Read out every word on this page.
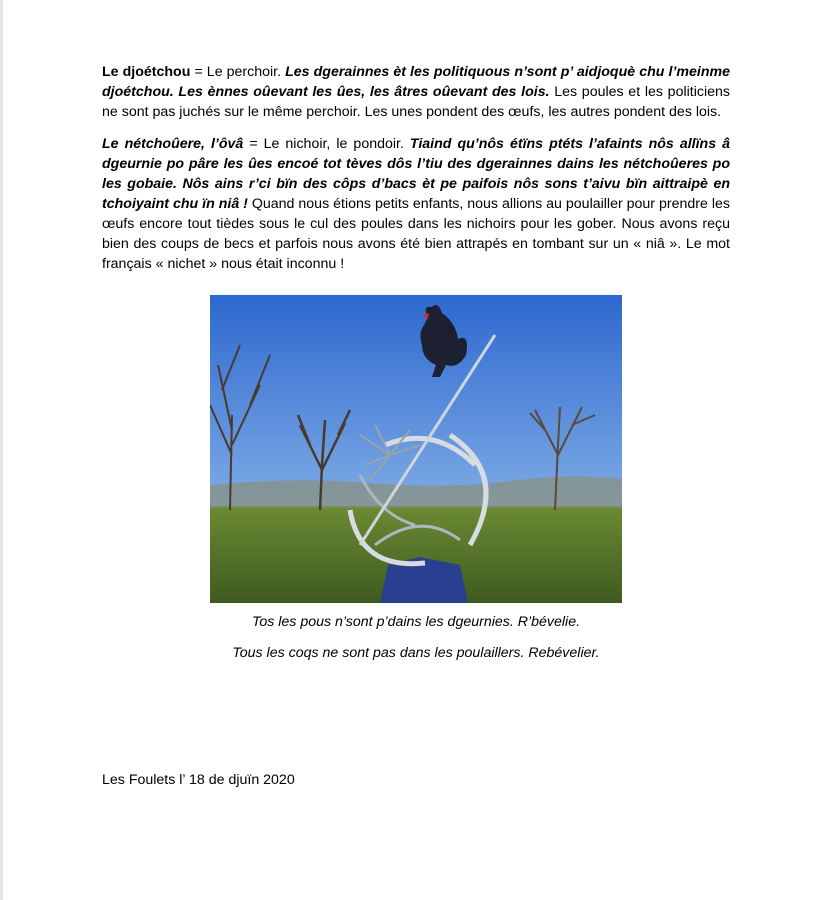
Le djoétchou = Le perchoir. Les dgerainnes èt les politiquous n’sont p’ aidjoquè chu l’meinme djoétchou. Les ènnes oûevant les ûes, les âtres oûevant des lois. Les poules et les politiciens ne sont pas juchés sur le même perchoir. Les unes pondent des œufs, les autres pondent des lois.

Le nétchoûere, l’ôvâ = Le nichoir, le pondoir. Tiaind qu’nôs étïns ptéts l’afaints nôs allïns â dgeurnie po pâre les ûes encoé tot tèves dôs l’tiu des dgerainnes dains les nétchoûeres po les gobaie. Nôs ains r’ci bïn des côps d’bacs èt pe paifois nôs sons t’aivu bïn aittraipè en tchoiyaint chu ïn niâ ! Quand nous étions petits enfants, nous allions au poulailler pour prendre les œufs encore tout tièdes sous le cul des poules dans les nichoirs pour les gober. Nous avons reçu bien des coups de becs et parfois nous avons été bien attrapés en tombant sur un « niâ ». Le mot français « nichet » nous était inconnu !

Tos les pous n’sont p’dains les dgeurnies. R’bévelie.
Tous les coqs ne sont pas dans les poulaillers. Rebévelier.
Les Foulets l’ 18 de djuïn 2020
